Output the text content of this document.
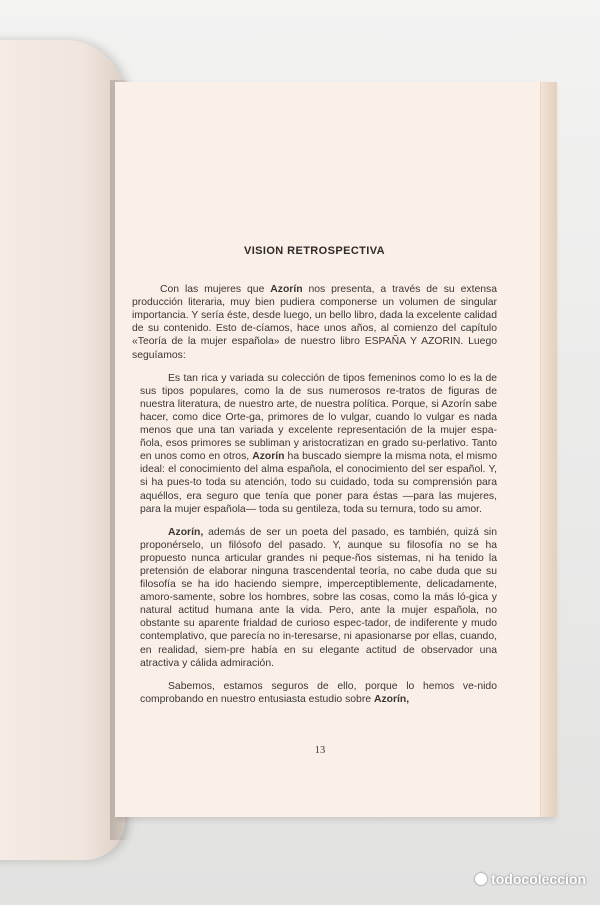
VISION RETROSPECTIVA

Con las mujeres que Azorín nos presenta, a través de su extensa producción literaria, muy bien pudiera componerse un volumen de singular importancia. Y sería éste, desde luego, un bello libro, dada la excelente calidad de su contenido. Esto de-cíamos, hace unos años, al comienzo del capítulo «Teoría de la mujer española» de nuestro libro ESPAÑA Y AZORIN. Luego seguíamos:

Es tan rica y variada su colección de tipos femeninos como lo es la de sus tipos populares, como la de sus numerosos re-tratos de figuras de nuestra literatura, de nuestro arte, de nuestra política. Porque, si Azorín sabe hacer, como dice Orte-ga, primores de lo vulgar, cuando lo vulgar es nada menos que una tan variada y excelente representación de la mujer espa-ñola, esos primores se subliman y aristocratizan en grado su-perlativo. Tanto en unos como en otros, Azorín ha buscado siempre la misma nota, el mismo ideal: el conocimiento del alma española, el conocimiento del ser español. Y, si ha pues-to toda su atención, todo su cuidado, toda su comprensión para aquéllos, era seguro que tenía que poner para éstas —para las mujeres, para la mujer española— toda su gentileza, toda su ternura, todo su amor.

Azorín, además de ser un poeta del pasado, es también, quizá sin proponérselo, un filósofo del pasado. Y, aunque su filosofía no se ha propuesto nunca articular grandes ni peque-ños sistemas, ni ha tenido la pretensión de elaborar ninguna trascendental teoría, no cabe duda que su filosofía se ha ido haciendo siempre, imperceptiblemente, delicadamente, amoro-samente, sobre los hombres, sobre las cosas, como la más ló-gica y natural actitud humana ante la vida. Pero, ante la mujer española, no obstante su aparente frialdad de curioso espec-tador, de indiferente y mudo contemplativo, que parecía no in-teresarse, ni apasionarse por ellas, cuando, en realidad, siem-pre había en su elegante actitud de observador una atractiva y cálida admiración.

Sabemos, estamos seguros de ello, porque lo hemos ve-nido comprobando en nuestro entusiasta estudio sobre Azorín,

13
todocoleccion
